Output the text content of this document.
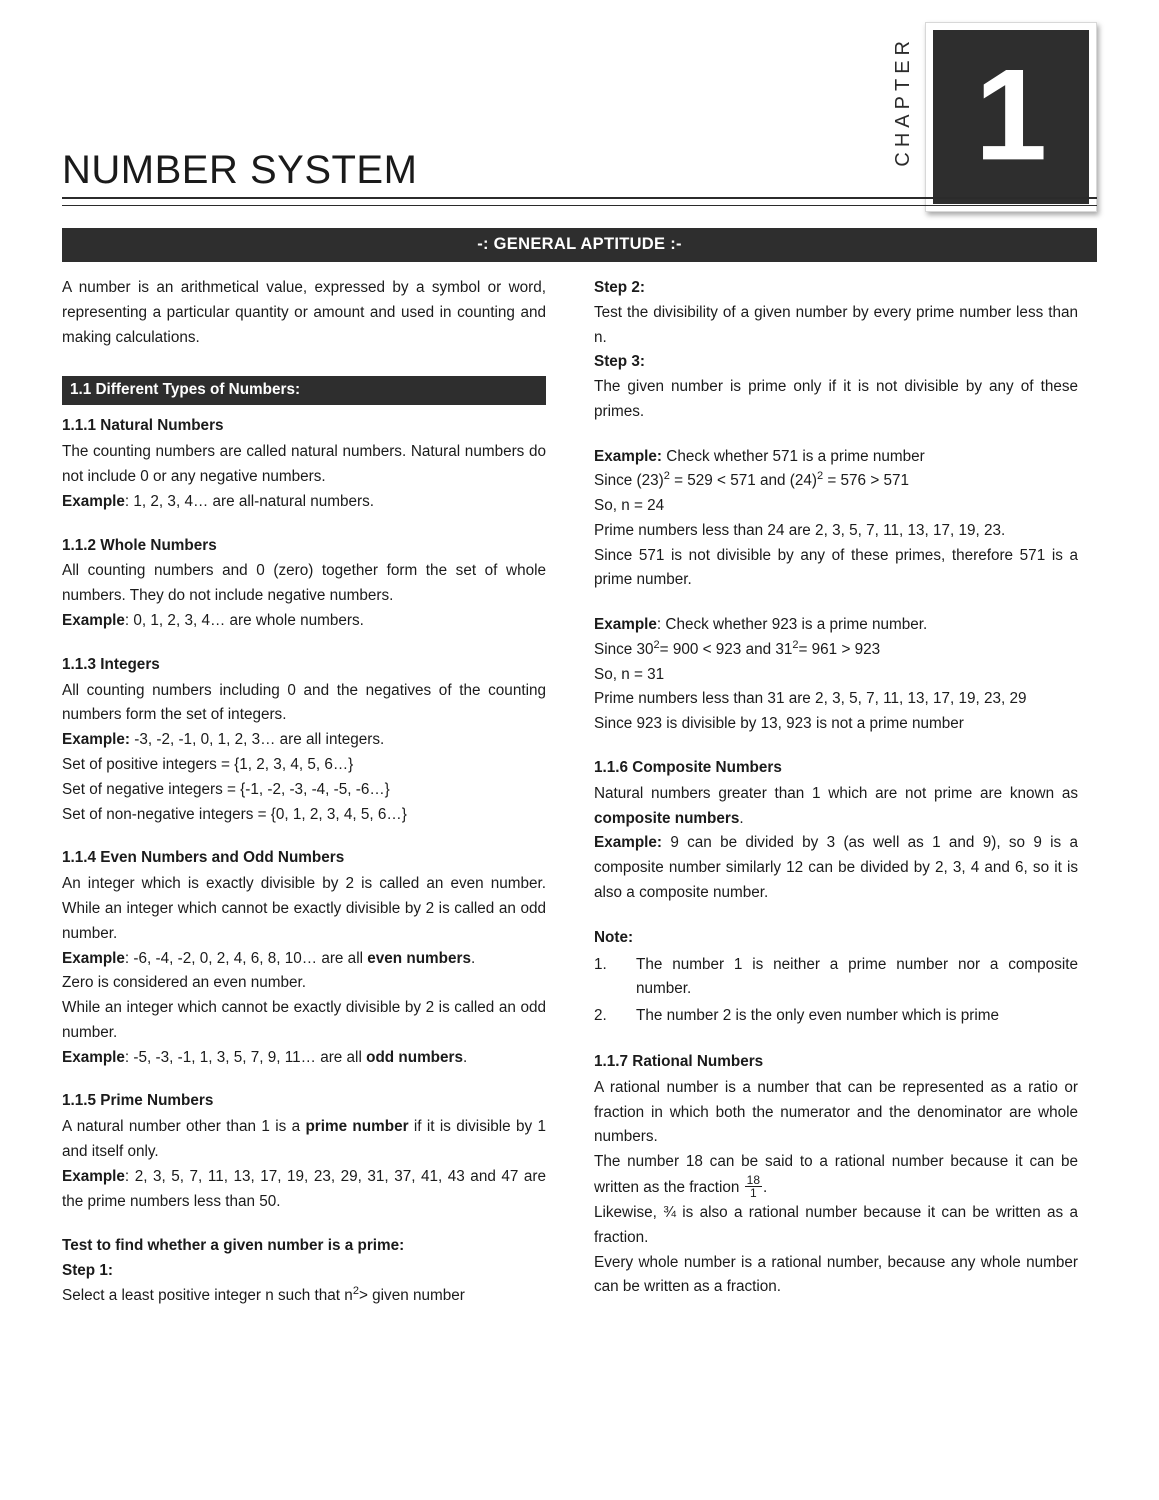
CHAPTER 1
NUMBER SYSTEM
-: GENERAL APTITUDE :-

A number is an arithmetical value, expressed by a symbol or word, representing a particular quantity or amount and used in counting and making calculations.

1.1 Different Types of Numbers:
1.1.1 Natural Numbers

The counting numbers are called natural numbers. Natural numbers do not include 0 or any negative numbers.

Example: 1, 2, 3, 4… are all-natural numbers.

1.1.2 Whole Numbers

All counting numbers and 0 (zero) together form the set of whole numbers. They do not include negative numbers.

Example: 0, 1, 2, 3, 4… are whole numbers.

1.1.3 Integers

All counting numbers including 0 and the negatives of the counting numbers form the set of integers.

Example: -3, -2, -1, 0, 1, 2, 3… are all integers.

Set of positive integers = {1, 2, 3, 4, 5, 6…}

Set of negative integers = {-1, -2, -3, -4, -5, -6…}

Set of non-negative integers = {0, 1, 2, 3, 4, 5, 6…}

1.1.4 Even Numbers and Odd Numbers

An integer which is exactly divisible by 2 is called an even number. While an integer which cannot be exactly divisible by 2 is called an odd number.

Example: -6, -4, -2, 0, 2, 4, 6, 8, 10… are all even numbers.

Zero is considered an even number.

While an integer which cannot be exactly divisible by 2 is called an odd number.

Example: -5, -3, -1, 1, 3, 5, 7, 9, 11… are all odd numbers.

1.1.5 Prime Numbers

A natural number other than 1 is a prime number if it is divisible by 1 and itself only.

Example: 2, 3, 5, 7, 11, 13, 17, 19, 23, 29, 31, 37, 41, 43 and 47 are the prime numbers less than 50.

Test to find whether a given number is a prime:

Step 1:

Select a least positive integer n such that $n^2>$ given number

Step 2:

Test the divisibility of a given number by every prime number less than n.

Step 3:

The given number is prime only if it is not divisible by any of these primes.

Example: Check whether 571 is a prime number

Since $(23)^2 = 529 < 571$ and $(24)^2 = 576 > 571$

So, n = 24

Prime numbers less than 24 are 2, 3, 5, 7, 11, 13, 17, 19, 23.

Since 571 is not divisible by any of these primes, therefore 571 is a prime number.

Example: Check whether 923 is a prime number.

Since $30^2= 900 < 923$ and $31^2= 961 > 923$

So, n = 31

Prime numbers less than 31 are 2, 3, 5, 7, 11, 13, 17, 19, 23, 29

Since 923 is divisible by 13, 923 is not a prime number

1.1.6 Composite Numbers

Natural numbers greater than 1 which are not prime are known as composite numbers.

Example: 9 can be divided by 3 (as well as 1 and 9), so 9 is a composite number similarly 12 can be divided by 2, 3, 4 and 6, so it is also a composite number.

Note:

1.	The number 1 is neither a prime number nor a composite number.
2.	The number 2 is the only even number which is prime
1.1.7 Rational Numbers

A rational number is a number that can be represented as a ratio or fraction in which both the numerator and the denominator are whole numbers.

The number 18 can be said to a rational number because it can be written as the fraction $\frac{18}{1}$ .

Likewise, ¾ is also a rational number because it can be written as a fraction.

Every whole number is a rational number, because any whole number can be written as a fraction.
